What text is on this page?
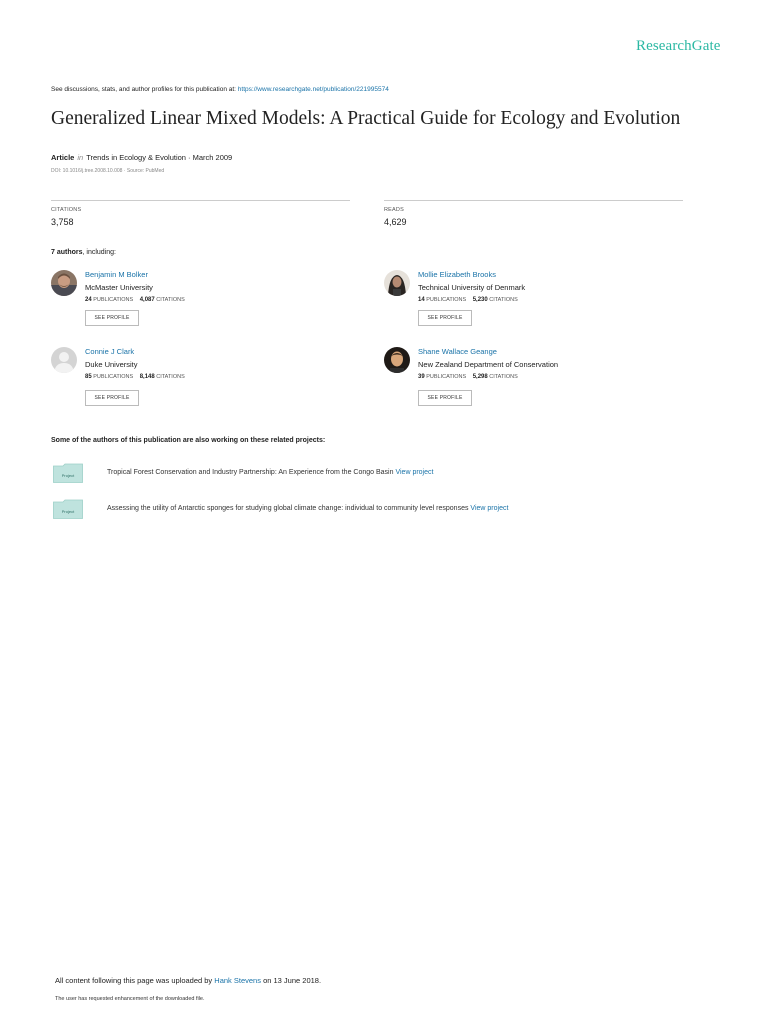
ResearchGate
See discussions, stats, and author profiles for this publication at: https://www.researchgate.net/publication/221995574
Generalized Linear Mixed Models: A Practical Guide for Ecology and Evolution
Article in Trends in Ecology & Evolution · March 2009
DOI: 10.1016/j.tree.2008.10.008 · Source: PubMed
CITATIONS
3,758
READS
4,629
7 authors, including:
Benjamin M Bolker
McMaster University
24 PUBLICATIONS 4,087 CITATIONS
SEE PROFILE
Mollie Elizabeth Brooks
Technical University of Denmark
14 PUBLICATIONS 5,230 CITATIONS
SEE PROFILE
Connie J Clark
Duke University
85 PUBLICATIONS 8,148 CITATIONS
SEE PROFILE
Shane Wallace Geange
New Zealand Department of Conservation
39 PUBLICATIONS 5,298 CITATIONS
SEE PROFILE
Some of the authors of this publication are also working on these related projects:
Project	Tropical Forest Conservation and Industry Partnership: An Experience from the Congo Basin View project
Project	Assessing the utility of Antarctic sponges for studying global climate change: individual to community level responses View project
All content following this page was uploaded by Hank Stevens on 13 June 2018.
The user has requested enhancement of the downloaded file.
